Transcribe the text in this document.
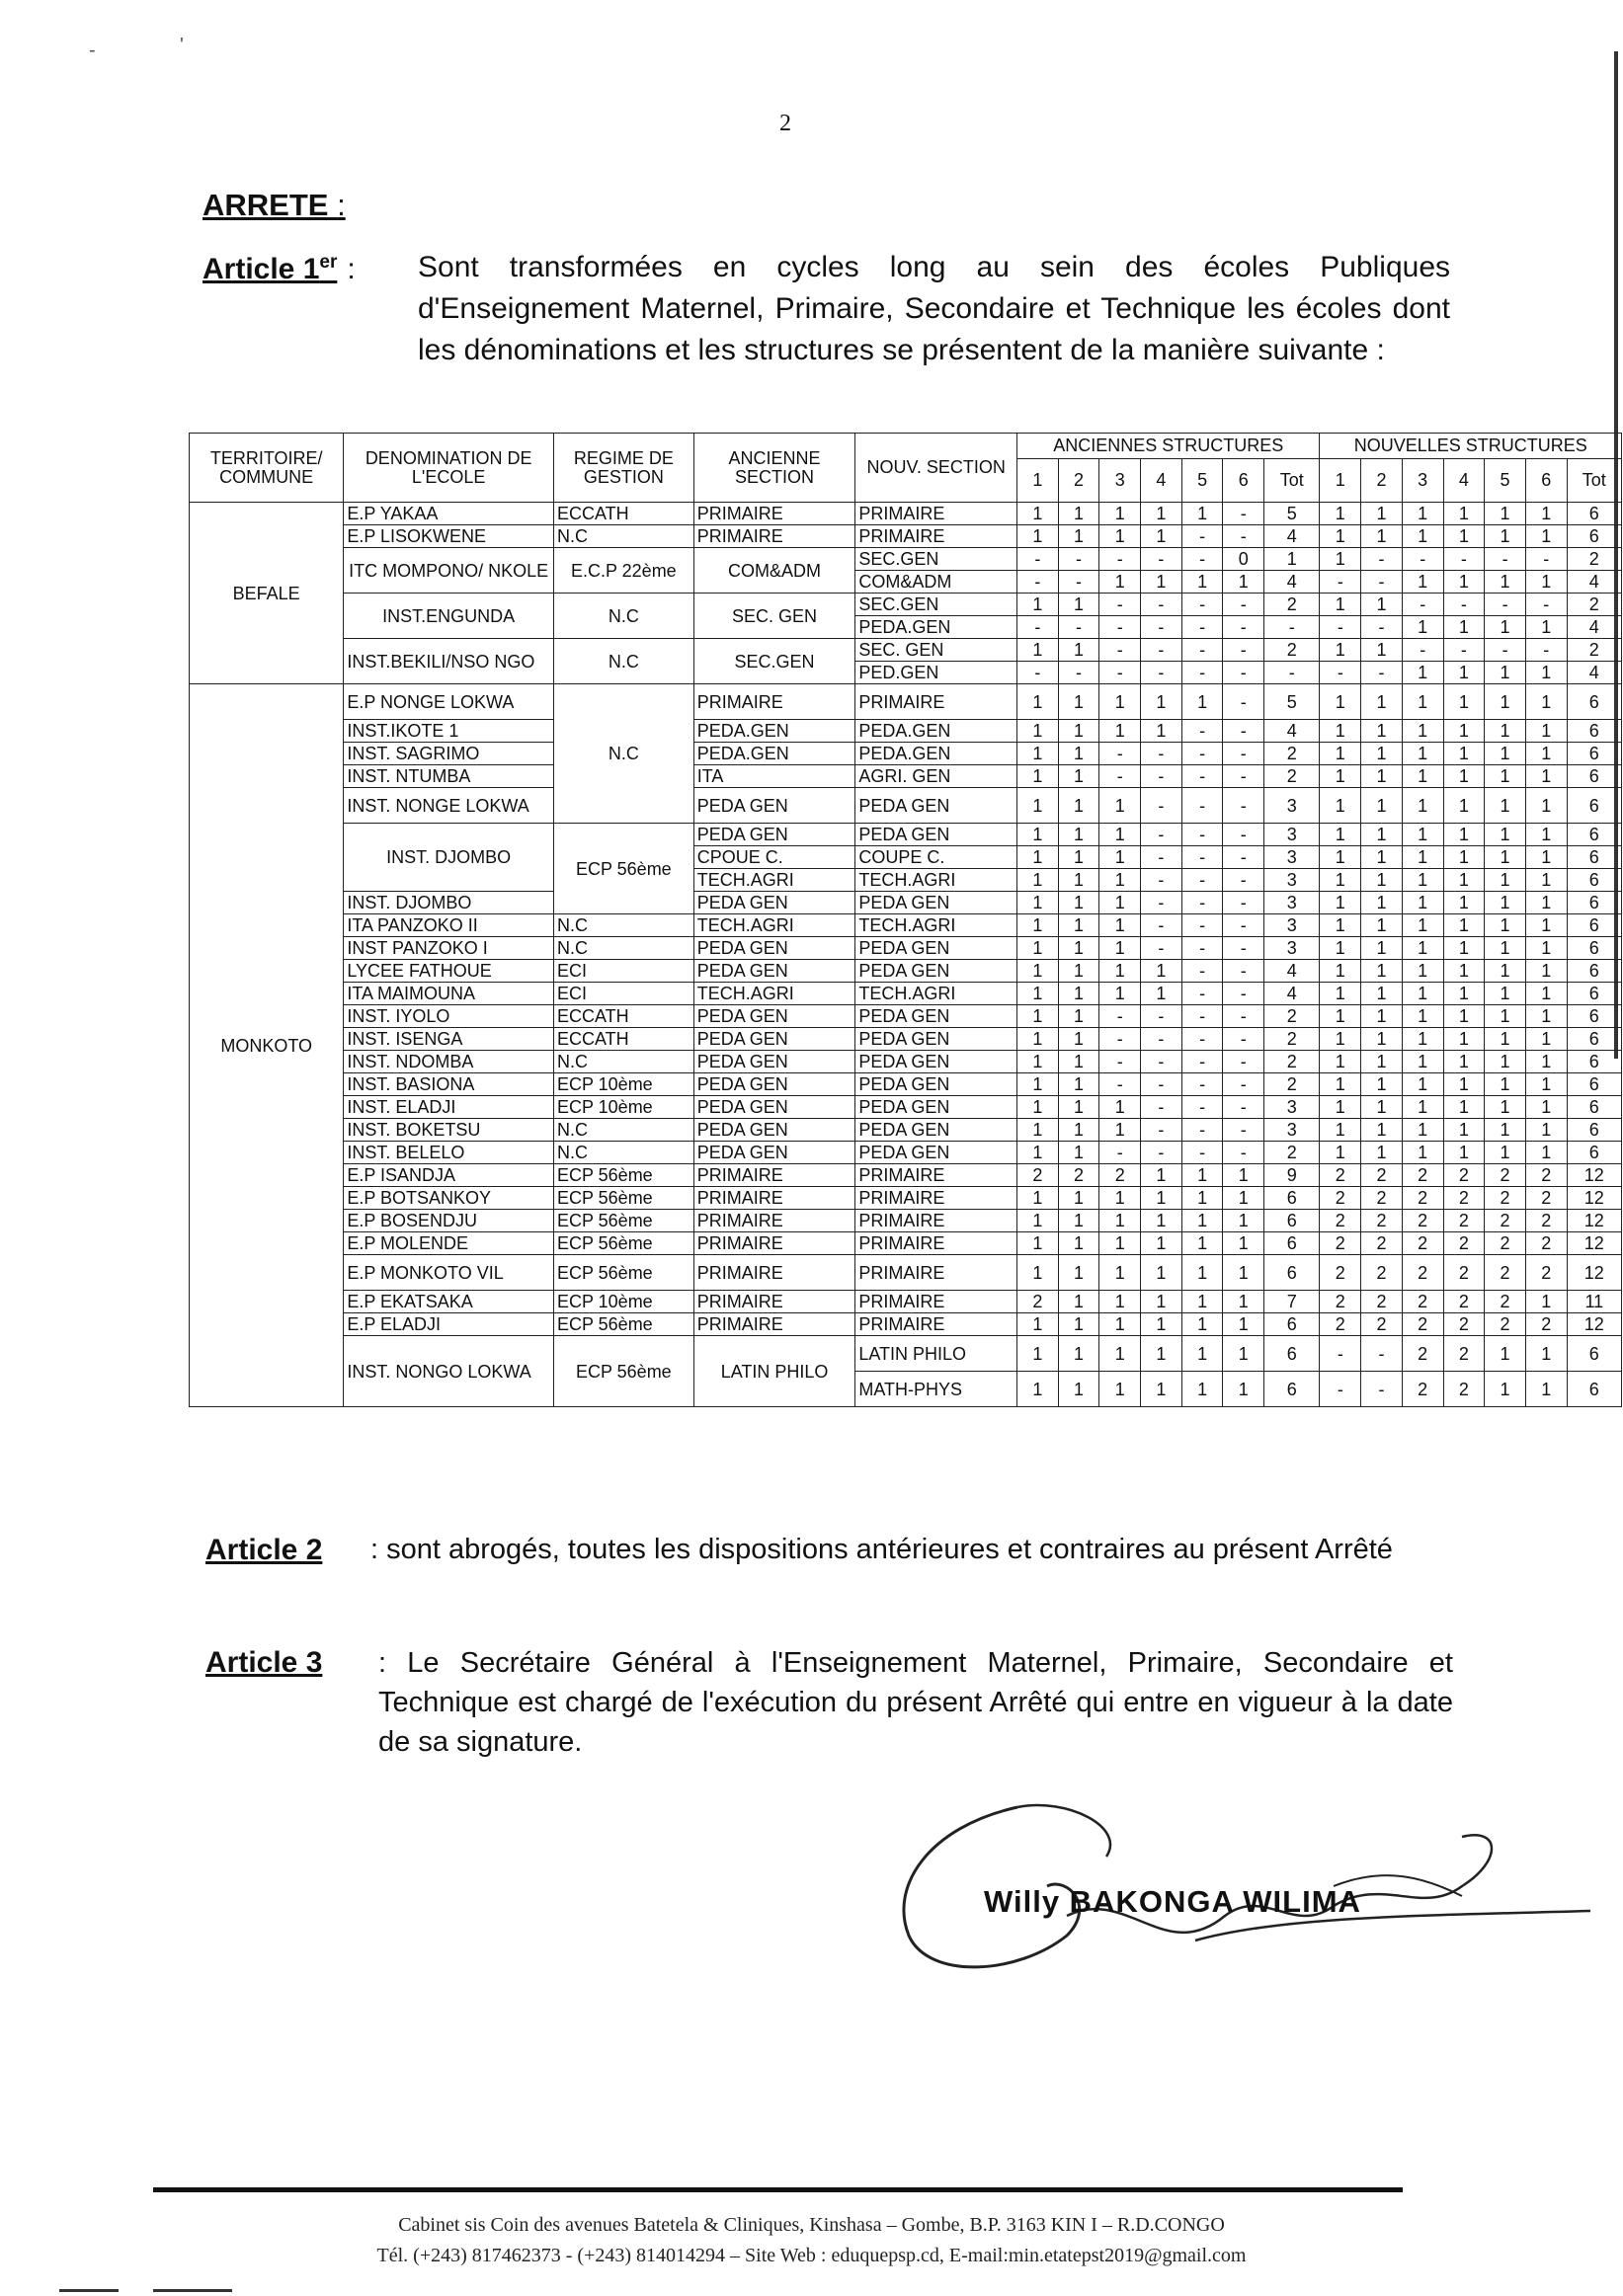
-	'
2
ARRETE :
Article 1er : Sont transformées en cycles long au sein des écoles Publiques d'Enseignement Maternel, Primaire, Secondaire et Technique les écoles dont les dénominations et les structures se présentent de la manière suivante :
TERRITOIRE/ COMMUNE	DENOMINATION DE L'ECOLE	REGIME DE GESTION	ANCIENNE SECTION	NOUV. SECTION	ANCIENNES STRUCTURES							NOUVELLES STRUCTURES						
					1	2	3	4	5	6	Tot	1	2	3	4	5	6	Tot
BEFALE	E.P YAKAA	ECCATH	PRIMAIRE	PRIMAIRE	1	1	1	1	1	-	5	1	1	1	1	1	1	6
	E.P LISOKWENE	N.C	PRIMAIRE	PRIMAIRE	1	1	1	1	-	-	4	1	1	1	1	1	1	6
	ITC MOMPONO/ NKOLE	E.C.P 22ème	COM&ADM	SEC.GEN	-	-	-	-	-	0	1	1	-	-	-	-	-	2
				COM&ADM	-	-	1	1	1	1	4	-	-	1	1	1	1	4
	INST.ENGUNDA	N.C	SEC. GEN	SEC.GEN	1	1	-	-	-	-	2	1	1	-	-	-	-	2
				PEDA.GEN	-	-	-	-	-	-	-	-	-	1	1	1	1	4
	INST.BEKILI/NSO NGO	N.C	SEC.GEN	SEC. GEN	1	1	-	-	-	-	2	1	1	-	-	-	-	2
				PED.GEN	-	-	-	-	-	-	-	-	-	1	1	1	1	4
MONKOTO	E.P NONGE LOKWA	N.C	PRIMAIRE	PRIMAIRE	1	1	1	1	1	-	5	1	1	1	1	1	1	6
	INST.IKOTE 1		PEDA.GEN	PEDA.GEN	1	1	1	1	-	-	4	1	1	1	1	1	1	6
	INST. SAGRIMO		PEDA.GEN	PEDA.GEN	1	1	-	-	-	-	2	1	1	1	1	1	1	6
	INST. NTUMBA		ITA	AGRI. GEN	1	1	-	-	-	-	2	1	1	1	1	1	1	6
	INST. NONGE LOKWA		PEDA GEN	PEDA GEN	1	1	1	-	-	-	3	1	1	1	1	1	1	6
	INST. DJOMBO	ECP 56ème	PEDA GEN	PEDA GEN	1	1	1	-	-	-	3	1	1	1	1	1	1	6
			CPOUE C.	COUPE C.	1	1	1	-	-	-	3	1	1	1	1	1	1	6
			TECH.AGRI	TECH.AGRI	1	1	1	-	-	-	3	1	1	1	1	1	1	6
	INST. DJOMBO		PEDA GEN	PEDA GEN	1	1	1	-	-	-	3	1	1	1	1	1	1	6
	ITA PANZOKO II	N.C	TECH.AGRI	TECH.AGRI	1	1	1	-	-	-	3	1	1	1	1	1	1	6
	INST PANZOKO I	N.C	PEDA GEN	PEDA GEN	1	1	1	-	-	-	3	1	1	1	1	1	1	6
	LYCEE FATHOUE	ECI	PEDA GEN	PEDA GEN	1	1	1	1	-	-	4	1	1	1	1	1	1	6
	ITA MAIMOUNA	ECI	TECH.AGRI	TECH.AGRI	1	1	1	1	-	-	4	1	1	1	1	1	1	6
	INST. IYOLO	ECCATH	PEDA GEN	PEDA GEN	1	1	-	-	-	-	2	1	1	1	1	1	1	6
	INST. ISENGA	ECCATH	PEDA GEN	PEDA GEN	1	1	-	-	-	-	2	1	1	1	1	1	1	6
	INST. NDOMBA	N.C	PEDA GEN	PEDA GEN	1	1	-	-	-	-	2	1	1	1	1	1	1	6
	INST. BASIONA	ECP 10ème	PEDA GEN	PEDA GEN	1	1	-	-	-	-	2	1	1	1	1	1	1	6
	INST. ELADJI	ECP 10ème	PEDA GEN	PEDA GEN	1	1	1	-	-	-	3	1	1	1	1	1	1	6
	INST. BOKETSU	N.C	PEDA GEN	PEDA GEN	1	1	1	-	-	-	3	1	1	1	1	1	1	6
	INST. BELELO	N.C	PEDA GEN	PEDA GEN	1	1	-	-	-	-	2	1	1	1	1	1	1	6
	E.P ISANDJA	ECP 56ème	PRIMAIRE	PRIMAIRE	2	2	2	1	1	1	9	2	2	2	2	2	2	12
	E.P BOTSANKOY	ECP 56ème	PRIMAIRE	PRIMAIRE	1	1	1	1	1	1	6	2	2	2	2	2	2	12
	E.P BOSENDJU	ECP 56ème	PRIMAIRE	PRIMAIRE	1	1	1	1	1	1	6	2	2	2	2	2	2	12
	E.P MOLENDE	ECP 56ème	PRIMAIRE	PRIMAIRE	1	1	1	1	1	1	6	2	2	2	2	2	2	12
	E.P MONKOTO VIL	ECP 56ème	PRIMAIRE	PRIMAIRE	1	1	1	1	1	1	6	2	2	2	2	2	2	12
	E.P EKATSAKA	ECP 10ème	PRIMAIRE	PRIMAIRE	2	1	1	1	1	1	7	2	2	2	2	2	1	11
	E.P ELADJI	ECP 56ème	PRIMAIRE	PRIMAIRE	1	1	1	1	1	1	6	2	2	2	2	2	2	12
	INST. NONGO LOKWA	ECP 56ème	LATIN PHILO	LATIN PHILO	1	1	1	1	1	1	6	-	-	2	2	1	1	6
				MATH-PHYS	1	1	1	1	1	1	6	-	-	2	2	1	1	6
Article 2 : sont abrogés, toutes les dispositions antérieures et contraires au présent Arrêté
Article 3 : Le Secrétaire Général à l'Enseignement Maternel, Primaire, Secondaire et Technique est chargé de l'exécution du présent Arrêté qui entre en vigueur à la date de sa signature.
Willy BAKONGA WILIMA
Cabinet sis Coin des avenues Batetela & Cliniques, Kinshasa – Gombe, B.P. 3163 KIN I – R.D.CONGO
Tél. (+243) 817462373 - (+243) 814014294 – Site Web : eduquepsp.cd, E-mail:min.etatepst2019@gmail.com
